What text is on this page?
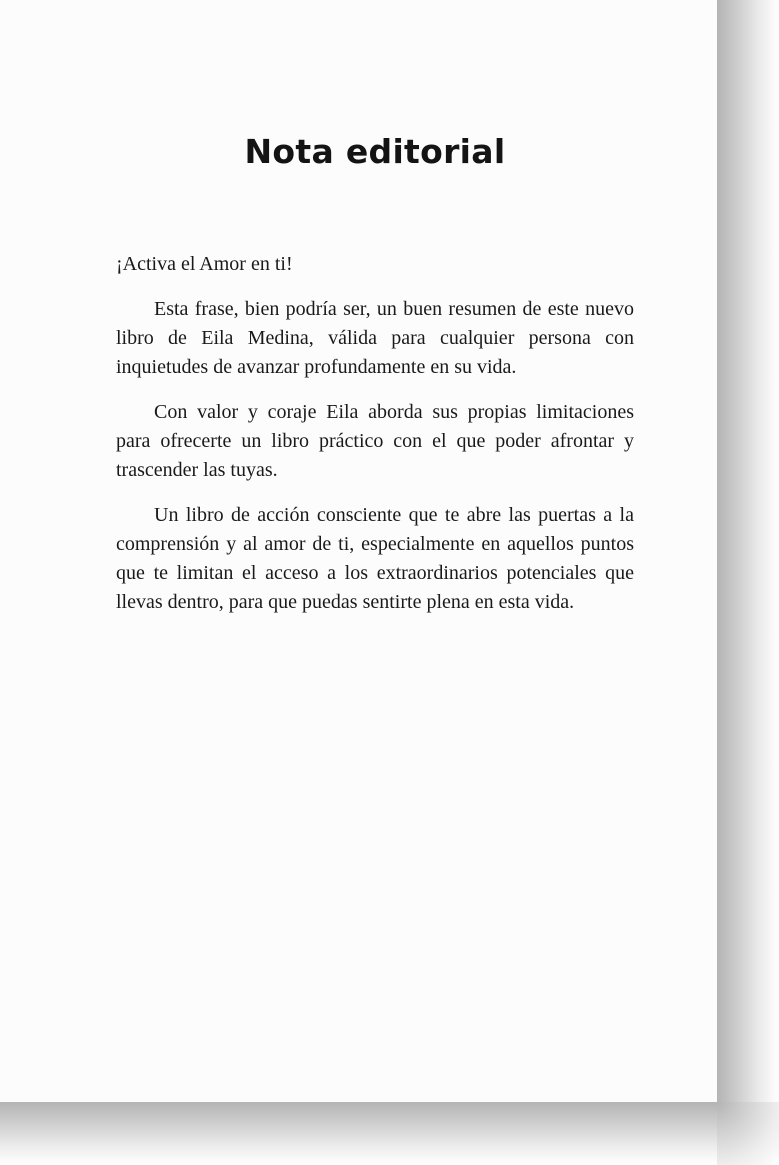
Nota editorial

¡Activa el Amor en ti!

Esta frase, bien podría ser, un buen resumen de este nuevo libro de Eila Medina, válida para cualquier persona con inquietudes de avanzar profundamente en su vida.

Con valor y coraje Eila aborda sus propias limitaciones para ofrecerte un libro práctico con el que poder afrontar y trascender las tuyas.

Un libro de acción consciente que te abre las puertas a la comprensión y al amor de ti, especialmente en aquellos puntos que te limitan el acceso a los extraordinarios potenciales que llevas dentro, para que puedas sentirte plena en esta vida.
